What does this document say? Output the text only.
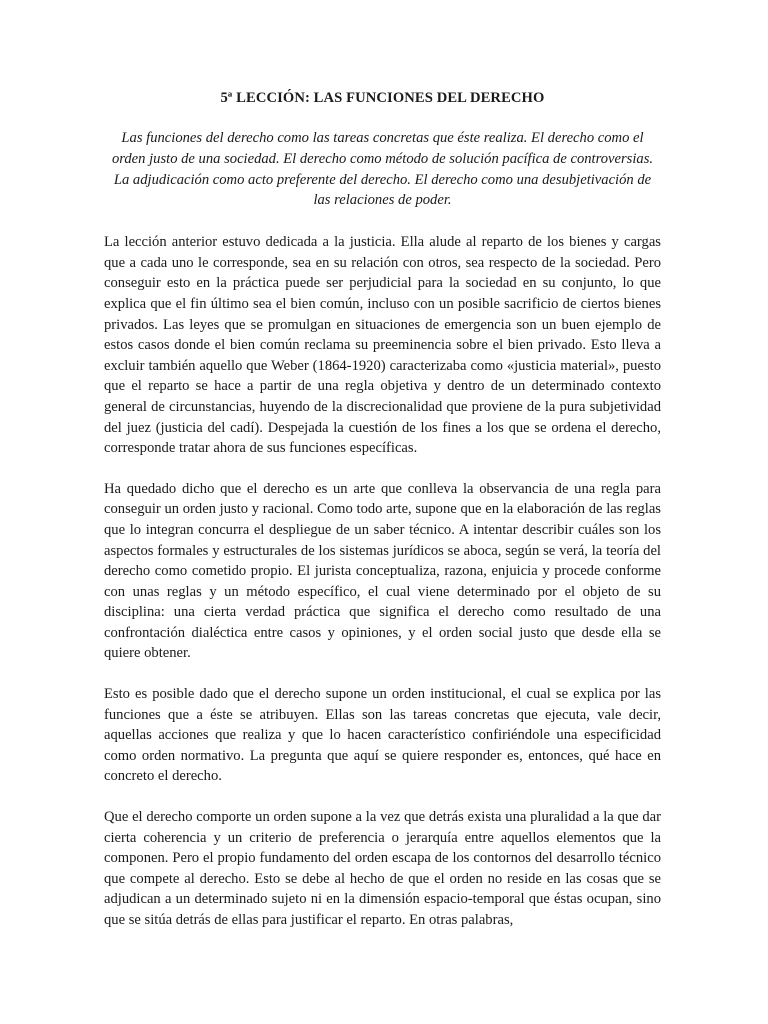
5ª LECCIÓN: LAS FUNCIONES DEL DERECHO

Las funciones del derecho como las tareas concretas que éste realiza. El derecho como el orden justo de una sociedad. El derecho como método de solución pacífica de controversias. La adjudicación como acto preferente del derecho. El derecho como una desubjetivación de las relaciones de poder.

La lección anterior estuvo dedicada a la justicia. Ella alude al reparto de los bienes y cargas que a cada uno le corresponde, sea en su relación con otros, sea respecto de la sociedad. Pero conseguir esto en la práctica puede ser perjudicial para la sociedad en su conjunto, lo que explica que el fin último sea el bien común, incluso con un posible sacrificio de ciertos bienes privados. Las leyes que se promulgan en situaciones de emergencia son un buen ejemplo de estos casos donde el bien común reclama su preeminencia sobre el bien privado. Esto lleva a excluir también aquello que Weber (1864-1920) caracterizaba como «justicia material», puesto que el reparto se hace a partir de una regla objetiva y dentro de un determinado contexto general de circunstancias, huyendo de la discrecionalidad que proviene de la pura subjetividad del juez (justicia del cadí). Despejada la cuestión de los fines a los que se ordena el derecho, corresponde tratar ahora de sus funciones específicas.

Ha quedado dicho que el derecho es un arte que conlleva la observancia de una regla para conseguir un orden justo y racional. Como todo arte, supone que en la elaboración de las reglas que lo integran concurra el despliegue de un saber técnico. A intentar describir cuáles son los aspectos formales y estructurales de los sistemas jurídicos se aboca, según se verá, la teoría del derecho como cometido propio. El jurista conceptualiza, razona, enjuicia y procede conforme con unas reglas y un método específico, el cual viene determinado por el objeto de su disciplina: una cierta verdad práctica que significa el derecho como resultado de una confrontación dialéctica entre casos y opiniones, y el orden social justo que desde ella se quiere obtener.

Esto es posible dado que el derecho supone un orden institucional, el cual se explica por las funciones que a éste se atribuyen. Ellas son las tareas concretas que ejecuta, vale decir, aquellas acciones que realiza y que lo hacen característico confiriéndole una especificidad como orden normativo. La pregunta que aquí se quiere responder es, entonces, qué hace en concreto el derecho.

Que el derecho comporte un orden supone a la vez que detrás exista una pluralidad a la que dar cierta coherencia y un criterio de preferencia o jerarquía entre aquellos elementos que la componen. Pero el propio fundamento del orden escapa de los contornos del desarrollo técnico que compete al derecho. Esto se debe al hecho de que el orden no reside en las cosas que se adjudican a un determinado sujeto ni en la dimensión espacio-temporal que éstas ocupan, sino que se sitúa detrás de ellas para justificar el reparto. En otras palabras,
